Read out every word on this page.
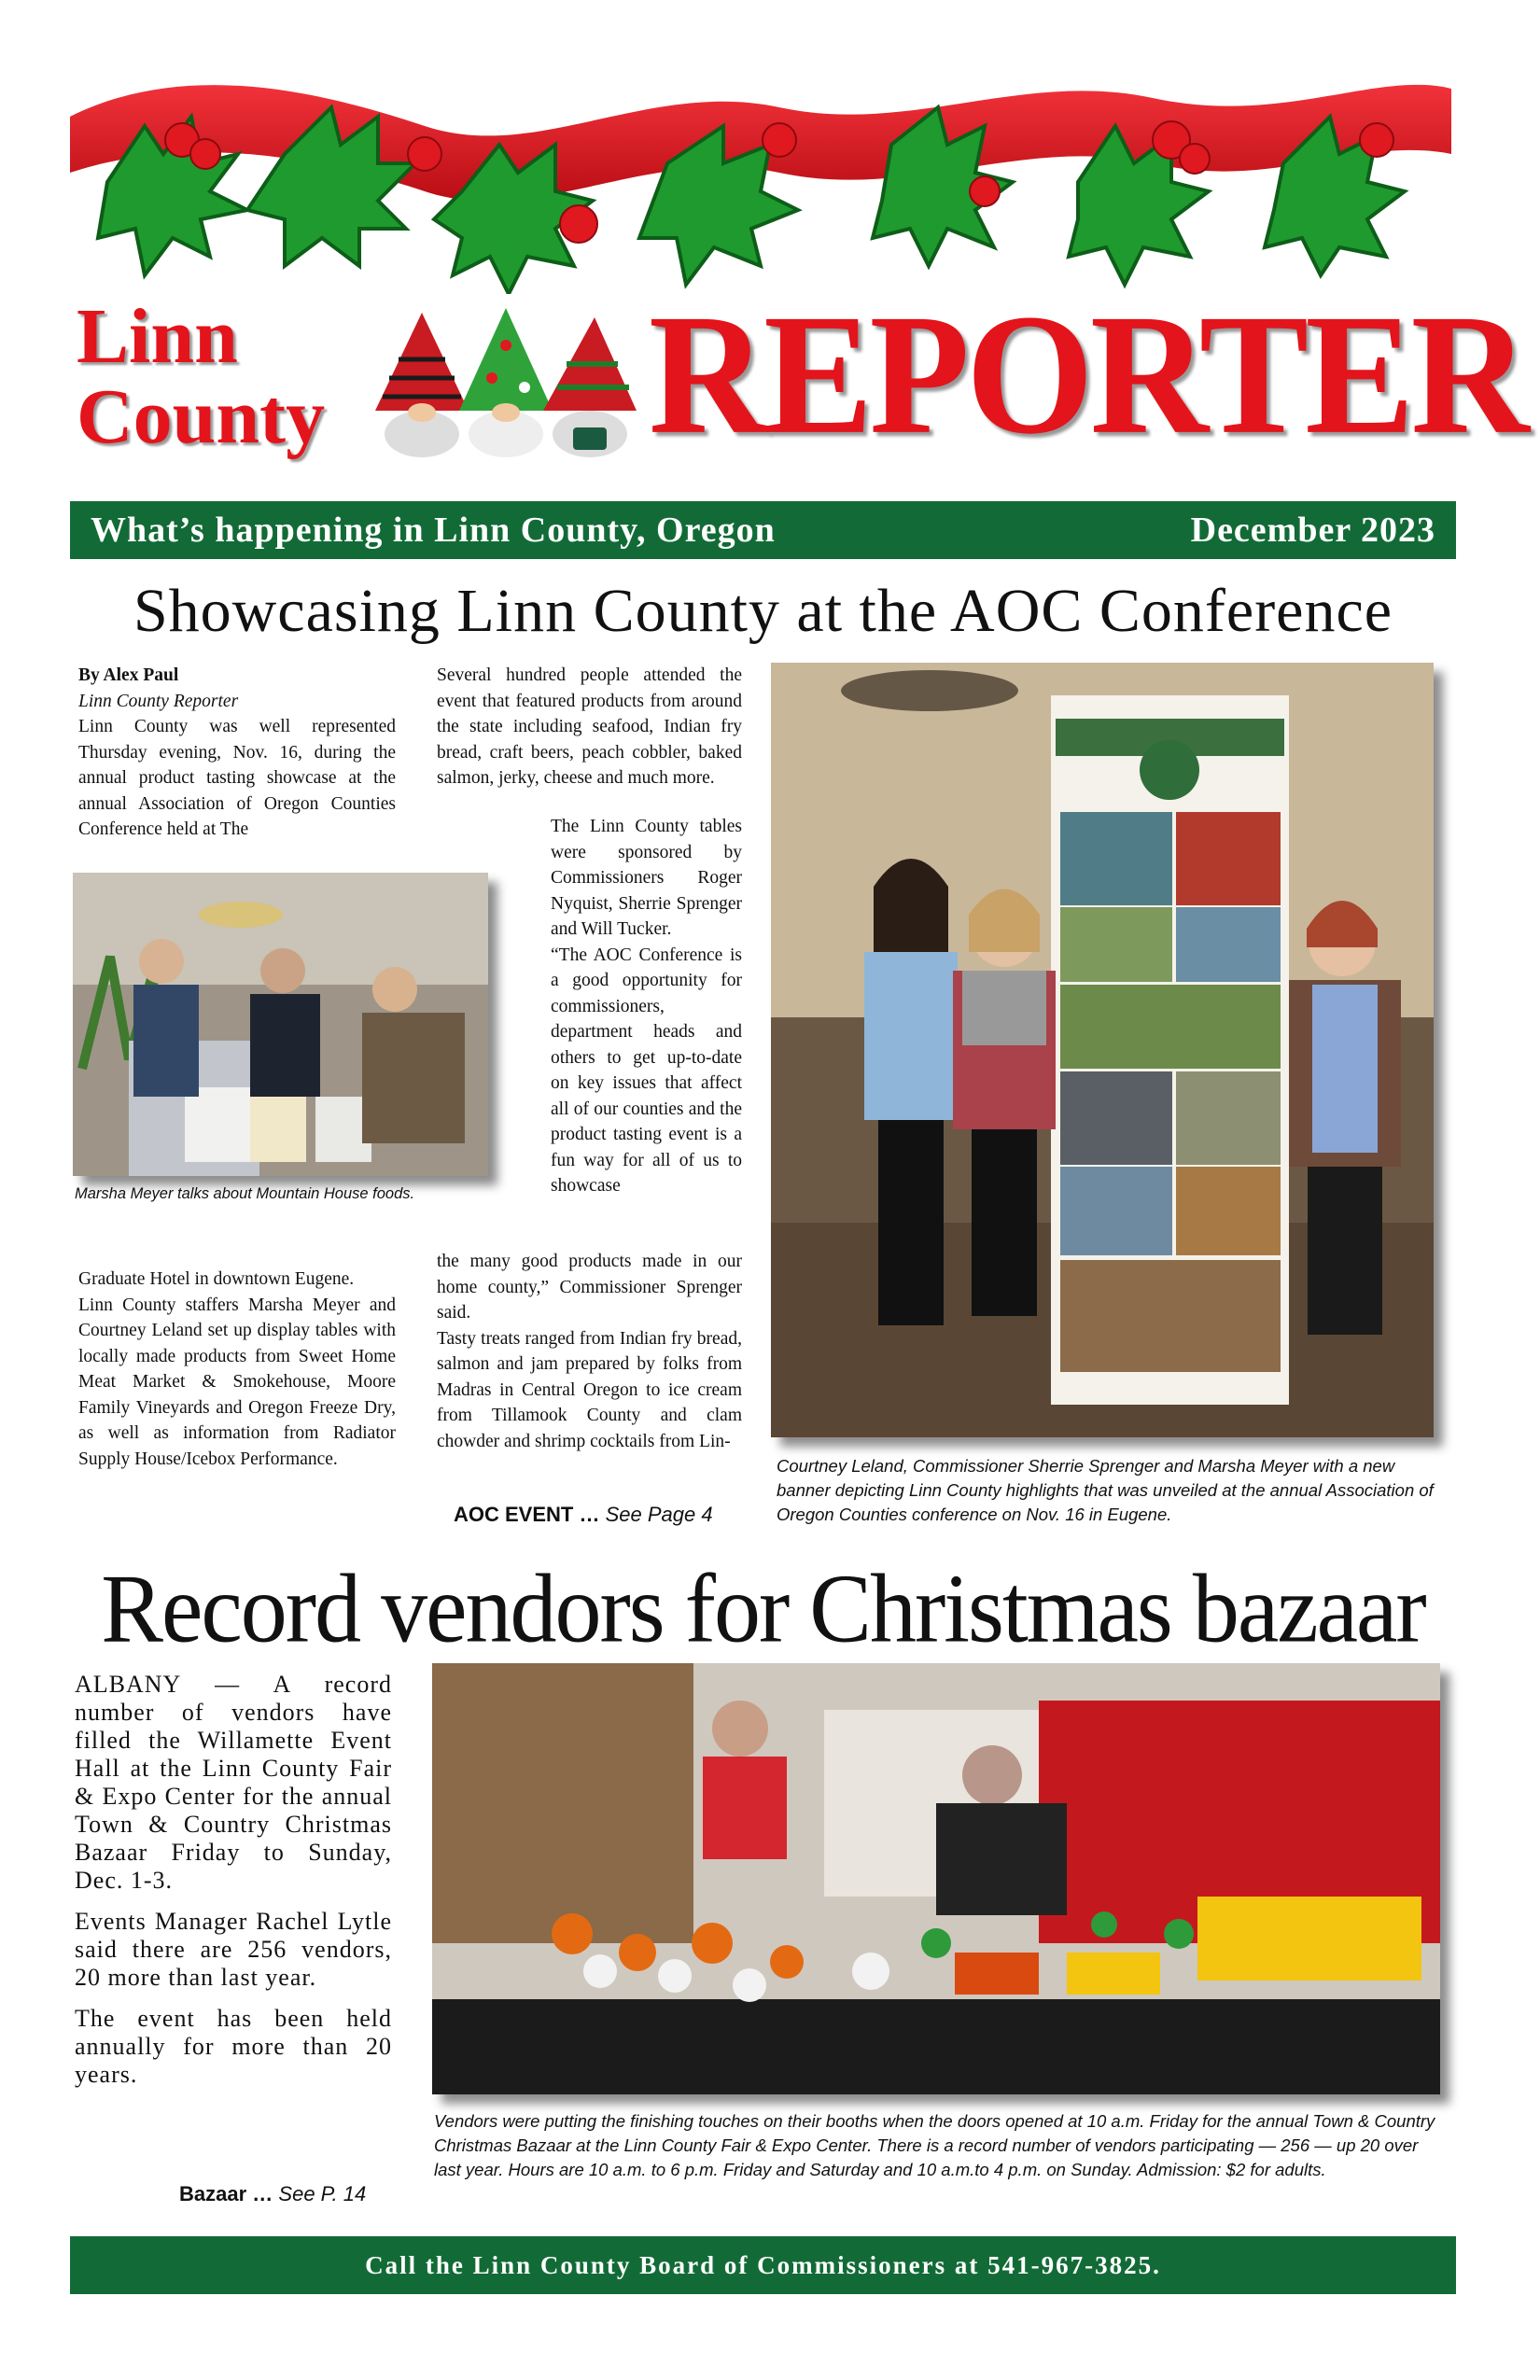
Linn
County REPORTER
What’s happening in Linn County, Oregon	December 2023
Showcasing Linn County at the AOC Conference

By Alex Paul

Linn County Reporter

Linn County was well represented Thursday evening, Nov. 16, during the annual product tasting showcase at the annual Association of Oregon Counties Conference held at The

Marsha Meyer talks about Mountain House foods.

Graduate Hotel in downtown Eugene.

Linn County staffers Marsha Meyer and Courtney Leland set up display tables with locally made products from Sweet Home Meat Market & Smokehouse, Moore Family Vineyards and Oregon Freeze Dry, as well as information from Radiator Supply House/Icebox Performance.

Several hundred people attended the event that featured products from around the state including seafood, Indian fry bread, craft beers, peach cobbler, baked salmon, jerky, cheese and much more.

The Linn County tables were sponsored by Commissioners Roger Nyquist, Sherrie Sprenger and Will Tucker.

“The AOC Conference is a good opportunity for commissioners, department heads and others to get up-to-date on key issues that affect all of our counties and the product tasting event is a fun way for all of us to showcase

the many good products made in our home county,” Commissioner Sprenger said.

Tasty treats ranged from Indian fry bread, salmon and jam prepared by folks from Madras in Central Oregon to ice cream from Tillamook County and clam chowder and shrimp cocktails from Lin-

AOC EVENT … See Page 4
Courtney Leland, Commissioner Sherrie Sprenger and Marsha Meyer with a new banner depicting Linn County highlights that was unveiled at the annual Association of Oregon Counties conference on Nov. 16 in Eugene.
Record vendors for Christmas bazaar

ALBANY — A record number of vendors have filled the Willamette Event Hall at the Linn County Fair & Expo Center for the annual Town & Country Christmas Bazaar Friday to Sunday, Dec. 1-3.

Events Manager Rachel Lytle said there are 256 vendors, 20 more than last year.

The event has been held annually for more than 20 years.

Bazaar … See P. 14
Vendors were putting the finishing touches on their booths when the doors opened at 10 a.m. Friday for the annual Town & Country Christmas Bazaar at the Linn County Fair & Expo Center. There is a record number of vendors participating — 256 — up 20 over last year. Hours are 10 a.m. to 6 p.m. Friday and Saturday and 10 a.m.to 4 p.m. on Sunday. Admission: $2 for adults.
Call the Linn County Board of Commissioners at 541-967-3825.
